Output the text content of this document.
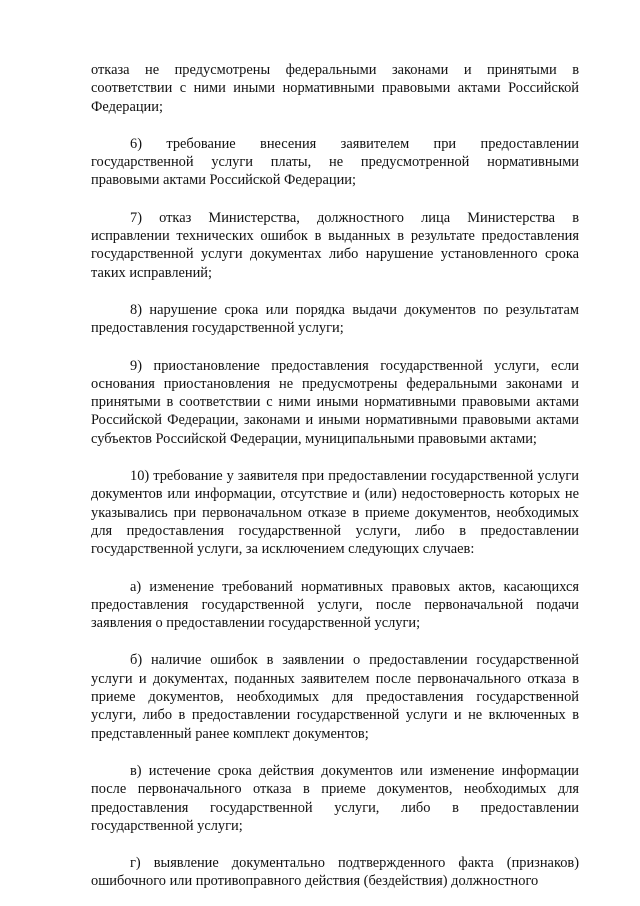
отказа не предусмотрены федеральными законами и принятыми в соответствии с ними иными нормативными правовыми актами Российской Федерации;

6) требование внесения заявителем при предоставлении государственной услуги платы, не предусмотренной нормативными правовыми актами Российской Федерации;

7) отказ Министерства, должностного лица Министерства в исправлении технических ошибок в выданных в результате предоставления государственной услуги документах либо нарушение установленного срока таких исправлений;

8) нарушение срока или порядка выдачи документов по результатам предоставления государственной услуги;

9) приостановление предоставления государственной услуги, если основания приостановления не предусмотрены федеральными законами и принятыми в соответствии с ними иными нормативными правовыми актами Российской Федерации, законами и иными нормативными правовыми актами субъектов Российской Федерации, муниципальными правовыми актами;

10) требование у заявителя при предоставлении государственной услуги документов или информации, отсутствие и (или) недостоверность которых не указывались при первоначальном отказе в приеме документов, необходимых для предоставления государственной услуги, либо в предоставлении государственной услуги, за исключением следующих случаев:

а) изменение требований нормативных правовых актов, касающихся предоставления государственной услуги, после первоначальной подачи заявления о предоставлении государственной услуги;

б) наличие ошибок в заявлении о предоставлении государственной услуги и документах, поданных заявителем после первоначального отказа в приеме документов, необходимых для предоставления государственной услуги, либо в предоставлении государственной услуги и не включенных в представленный ранее комплект документов;

в) истечение срока действия документов или изменение информации после первоначального отказа в приеме документов, необходимых для предоставления государственной услуги, либо в предоставлении государственной услуги;

г) выявление документально подтвержденного факта (признаков) ошибочного или противоправного действия (бездействия) должностного
